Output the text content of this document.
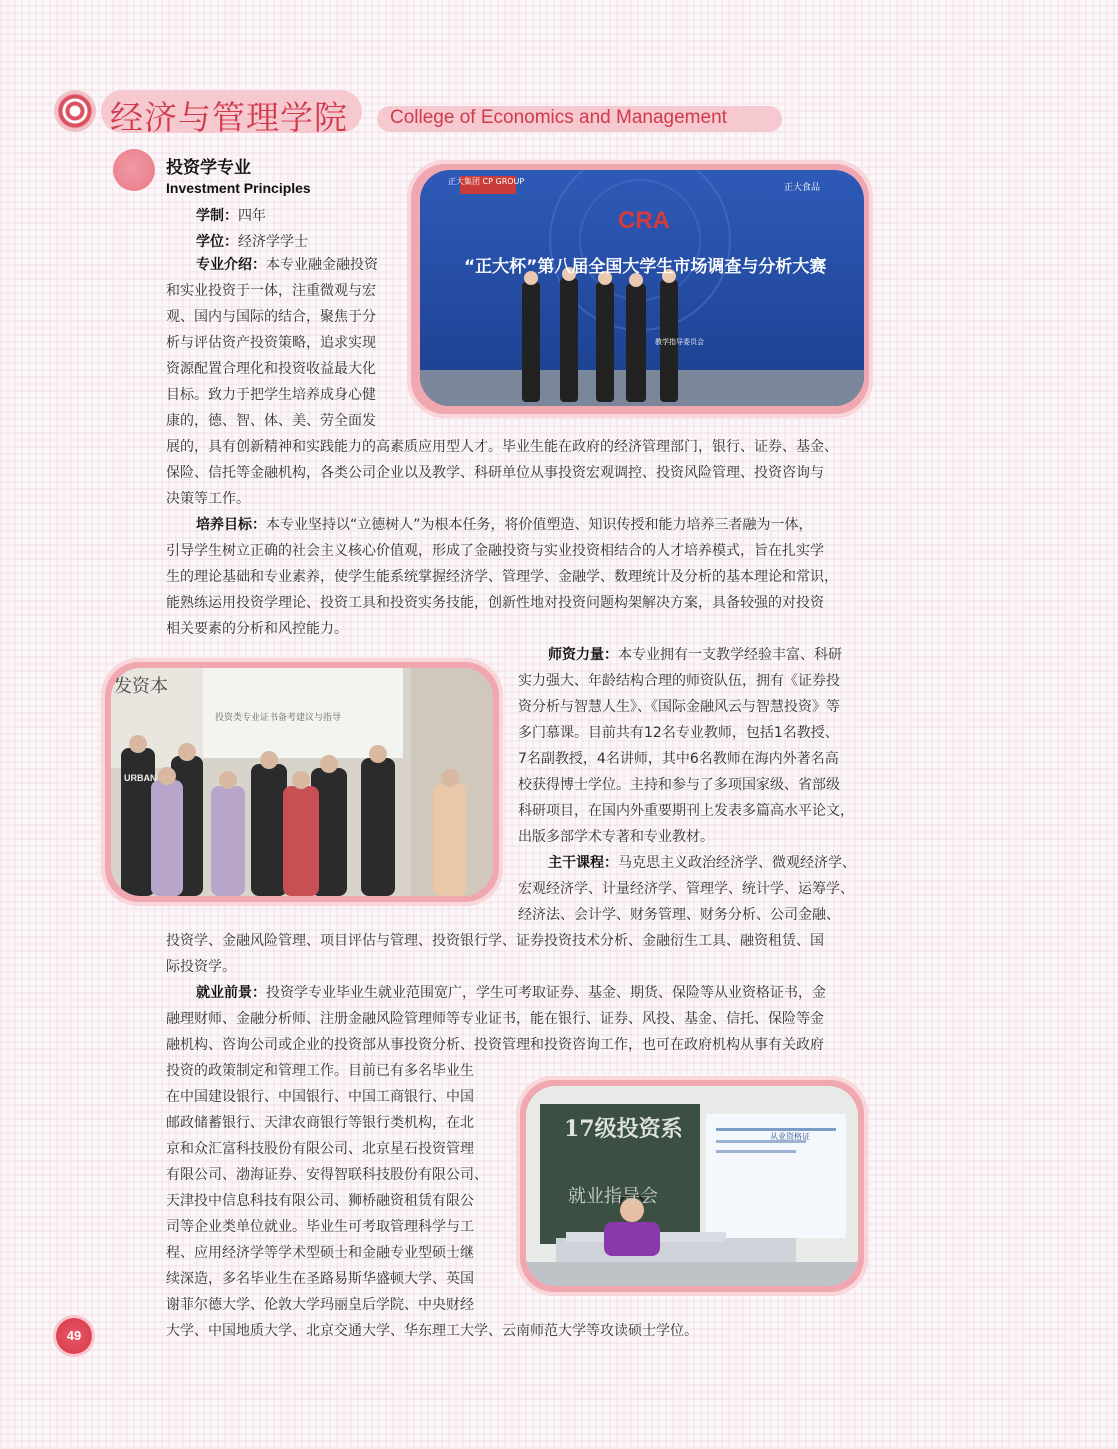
经济与管理学院 College of Economics and Management
投资学专业
Investment Principles
学制：四年
学位：经济学学士
专业介绍：本专业融金融投资
和实业投资于一体，注重微观与宏
观、国内与国际的结合，聚焦于分
析与评估资产投资策略，追求实现
资源配置合理化和投资收益最大化
目标。致力于把学生培养成身心健
康的，德、智、体、美、劳全面发
展的，具有创新精神和实践能力的高素质应用型人才。毕业生能在政府的经济管理部门，银行、证券、基金、
保险、信托等金融机构，各类公司企业以及教学、科研单位从事投资宏观调控、投资风险管理、投资咨询与
决策等工作。
培养目标：本专业坚持以“立德树人”为根本任务，将价值塑造、知识传授和能力培养三者融为一体，
引导学生树立正确的社会主义核心价值观，形成了金融投资与实业投资相结合的人才培养模式，旨在扎实学
生的理论基础和专业素养，使学生能系统掌握经济学、管理学、金融学、数理统计及分析的基本理论和常识，
能熟练运用投资学理论、投资工具和投资实务技能，创新性地对投资问题构架解决方案，具备较强的对投资
相关要素的分析和风控能力。
师资力量：本专业拥有一支教学经验丰富、科研
实力强大、年龄结构合理的师资队伍，拥有《证券投
资分析与智慧人生》、《国际金融风云与智慧投资》等
多门慕课。目前共有12名专业教师，包括1名教授、
7名副教授，4名讲师，其中6名教师在海内外著名高
校获得博士学位。主持和参与了多项国家级、省部级
科研项目，在国内外重要期刊上发表多篇高水平论文，
出版多部学术专著和专业教材。
主干课程：马克思主义政治经济学、微观经济学、
宏观经济学、计量经济学、管理学、统计学、运筹学、
经济法、会计学、财务管理、财务分析、公司金融、
投资学、金融风险管理、项目评估与管理、投资银行学、证券投资技术分析、金融衍生工具、融资租赁、国
际投资学。
就业前景：投资学专业毕业生就业范围宽广，学生可考取证券、基金、期货、保险等从业资格证书，金
融理财师、金融分析师、注册金融风险管理师等专业证书，能在银行、证券、风投、基金、信托、保险等金
融机构、咨询公司或企业的投资部从事投资分析、投资管理和投资咨询工作，也可在政府机构从事有关政府
投资的政策制定和管理工作。目前已有多名毕业生
在中国建设银行、中国银行、中国工商银行、中国
邮政储蓄银行、天津农商银行等银行类机构，在北
京和众汇富科技股份有限公司、北京星石投资管理
有限公司、渤海证券、安得智联科技股份有限公司、
天津投中信息科技有限公司、狮桥融资租赁有限公
司等企业类单位就业。毕业生可考取管理科学与工
程、应用经济学等学术型硕士和金融专业型硕士继
续深造，多名毕业生在圣路易斯华盛顿大学、英国
谢菲尔德大学、伦敦大学玛丽皇后学院、中央财经
大学、中国地质大学、北京交通大学、华东理工大学、云南师范大学等攻读硕士学位。
正大集团 CP GROUP
正大食品
CRA
“正大杯”第八届全国大学生市场调查与分析大赛
教学指导委员会
发资本
投资类专业证书备考建议与指导
URBAN
17级投资系
就业指导会
从业资格证
49
